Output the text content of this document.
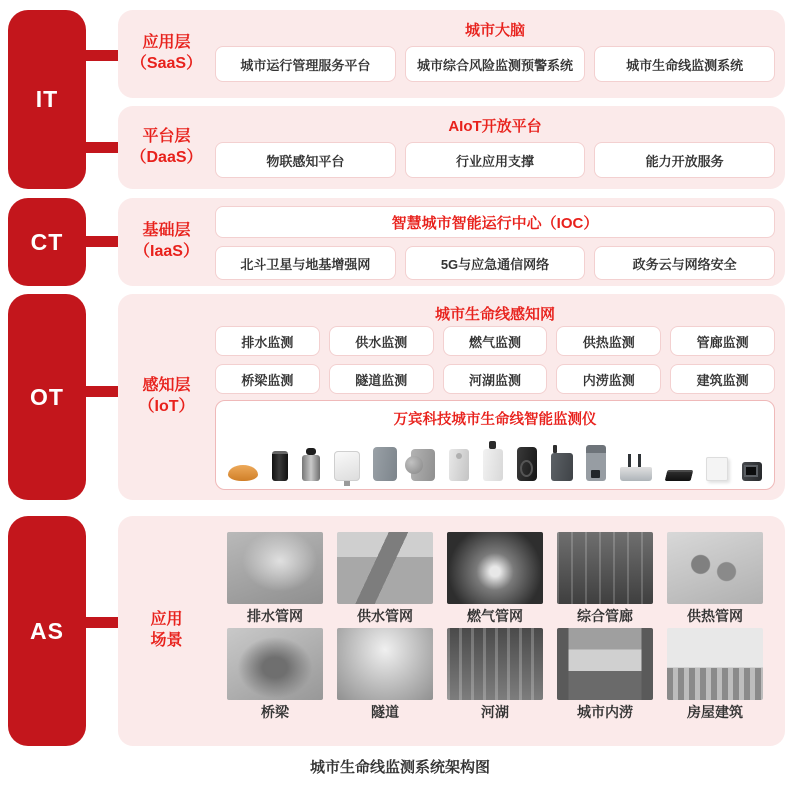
IT
CT
OT
AS
应用层
（SaaS）

城市大脑

城市运行管理服务平台	城市综合风险监测预警系统	城市生命线监测系统
平台层
（DaaS）

AIoT开放平台

物联感知平台	行业应用支撑	能力开放服务
基础层
（IaaS）
智慧城市智能运行中心（IOC）
北斗卫星与地基增强网	5G与应急通信网络	政务云与网络安全
感知层
（IoT）

城市生命线感知网

排水监测	供水监测	燃气监测	供热监测	管廊监测
桥梁监测	隧道监测	河湖监测	内涝监测	建筑监测

万宾科技城市生命线智能监测仪

应用
场景
排水管网	供水管网	燃气管网	综合管廊	供热管网
桥梁	隧道	河湖	城市内涝	房屋建筑
城市生命线监测系统架构图
